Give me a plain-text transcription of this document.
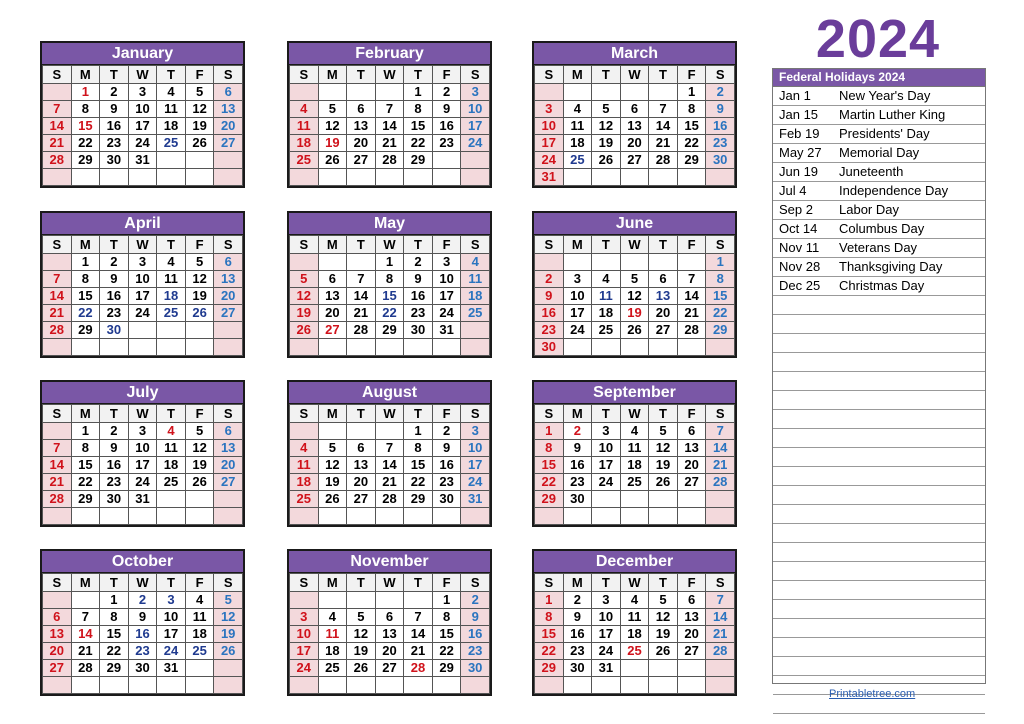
2024
January
S	M	T	W	T	F	S
	1	2	3	4	5	6
7	8	9	10	11	12	13
14	15	16	17	18	19	20
21	22	23	24	25	26	27
28	29	30	31			

February
S	M	T	W	T	F	S
				1	2	3
4	5	6	7	8	9	10
11	12	13	14	15	16	17
18	19	20	21	22	23	24
25	26	27	28	29		

March
S	M	T	W	T	F	S
					1	2
3	4	5	6	7	8	9
10	11	12	13	14	15	16
17	18	19	20	21	22	23
24	25	26	27	28	29	30
31						
April
S	M	T	W	T	F	S
	1	2	3	4	5	6
7	8	9	10	11	12	13
14	15	16	17	18	19	20
21	22	23	24	25	26	27
28	29	30				

May
S	M	T	W	T	F	S
			1	2	3	4
5	6	7	8	9	10	11
12	13	14	15	16	17	18
19	20	21	22	23	24	25
26	27	28	29	30	31	

June
S	M	T	W	T	F	S
						1
2	3	4	5	6	7	8
9	10	11	12	13	14	15
16	17	18	19	20	21	22
23	24	25	26	27	28	29
30						
July
S	M	T	W	T	F	S
	1	2	3	4	5	6
7	8	9	10	11	12	13
14	15	16	17	18	19	20
21	22	23	24	25	26	27
28	29	30	31			

August
S	M	T	W	T	F	S
				1	2	3
4	5	6	7	8	9	10
11	12	13	14	15	16	17
18	19	20	21	22	23	24
25	26	27	28	29	30	31

September
S	M	T	W	T	F	S
1	2	3	4	5	6	7
8	9	10	11	12	13	14
15	16	17	18	19	20	21
22	23	24	25	26	27	28
29	30					

October
S	M	T	W	T	F	S
		1	2	3	4	5
6	7	8	9	10	11	12
13	14	15	16	17	18	19
20	21	22	23	24	25	26
27	28	29	30	31		

November
S	M	T	W	T	F	S
					1	2
3	4	5	6	7	8	9
10	11	12	13	14	15	16
17	18	19	20	21	22	23
24	25	26	27	28	29	30

December
S	M	T	W	T	F	S
1	2	3	4	5	6	7
8	9	10	11	12	13	14
15	16	17	18	19	20	21
22	23	24	25	26	27	28
29	30	31				

Federal Holidays 2024
Jan 1	New Year's Day
Jan 15	Martin Luther King
Feb 19	Presidents' Day
May 27	Memorial Day
Jun 19	Juneteenth
Jul 4	Independence Day
Sep 2	Labor Day
Oct 14	Columbus Day
Nov 11	Veterans Day
Nov 28	Thanksgiving Day
Dec 25	Christmas Day
Printabletree.com
